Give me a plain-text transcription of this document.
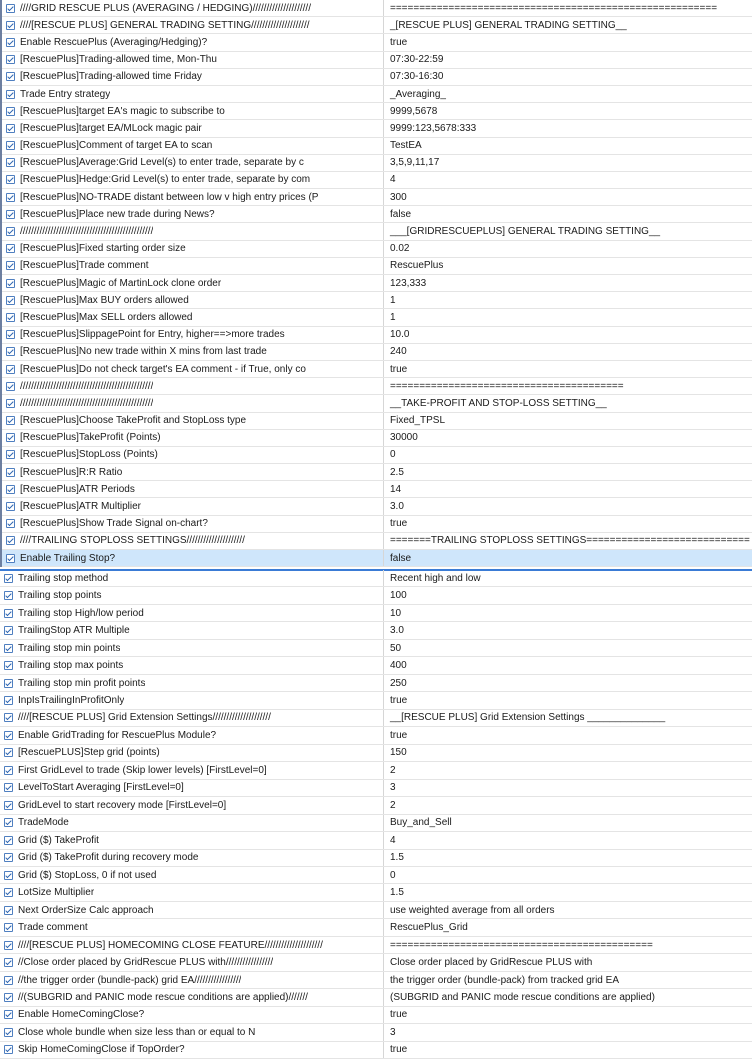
////GRID RESCUE PLUS (AVERAGING / HEDGING)/////////////////////	========================================================
////[RESCUE PLUS] GENERAL TRADING SETTING/////////////////////	_[RESCUE PLUS] GENERAL TRADING SETTING__
Enable RescuePlus (Averaging/Hedging)?	true
[RescuePlus]Trading-allowed time, Mon-Thu	07:30-22:59
[RescuePlus]Trading-allowed time Friday	07:30-16:30
Trade Entry strategy	_Averaging_
[RescuePlus]target EA's magic to subscribe to	9999,5678
[RescuePlus]target EA/MLock magic pair	9999:123,5678:333
[RescuePlus]Comment of target EA to scan	TestEA
[RescuePlus]Average:Grid Level(s) to enter trade, separate by c	3,5,9,11,17
[RescuePlus]Hedge:Grid Level(s) to enter trade, separate by com	4
[RescuePlus]NO-TRADE distant between low v high entry prices (P	300
[RescuePlus]Place new trade during News?	false
////////////////////////////////////////////////	___[GRIDRESCUEPLUS] GENERAL TRADING SETTING__
[RescuePlus]Fixed starting order size	0.02
[RescuePlus]Trade comment	RescuePlus
[RescuePlus]Magic of MartinLock clone order	123,333
[RescuePlus]Max BUY orders allowed	1
[RescuePlus]Max SELL orders allowed	1
[RescuePlus]SlippagePoint for Entry, higher==>more trades	10.0
[RescuePlus]No new trade within X mins from last trade	240
[RescuePlus]Do not check target's EA comment - if True, only co	true
////////////////////////////////////////////////	========================================
////////////////////////////////////////////////	__TAKE-PROFIT AND STOP-LOSS SETTING__
[RescuePlus]Choose TakeProfit and StopLoss type	Fixed_TPSL
[RescuePlus]TakeProfit (Points)	30000
[RescuePlus]StopLoss (Points)	0
[RescuePlus]R:R Ratio	2.5
[RescuePlus]ATR Periods	14
[RescuePlus]ATR Multiplier	3.0
[RescuePlus]Show Trade Signal on-chart?	true
////TRAILING STOPLOSS SETTINGS/////////////////////	=======TRAILING STOPLOSS SETTINGS============================
Enable Trailing Stop?	false
Trailing stop method	Recent high and low
Trailing stop points	100
Trailing stop High/low period	10
TrailingStop ATR Multiple	3.0
Trailing stop min points	50
Trailing stop max points	400
Trailing stop min profit points	250
InpIsTrailingInProfitOnly	true
////[RESCUE PLUS] Grid Extension Settings/////////////////////	__[RESCUE PLUS] Grid Extension Settings ______________
Enable GridTrading for RescuePlus Module?	true
[RescuePLUS]Step grid (points)	150
First GridLevel to trade (Skip lower levels) [FirstLevel=0]	2
LevelToStart Averaging [FirstLevel=0]	3
GridLevel to start recovery mode [FirstLevel=0]	2
TradeMode	Buy_and_Sell
Grid ($) TakeProfit	4
Grid ($) TakeProfit during recovery mode	1.5
Grid ($) StopLoss, 0 if not used	0
LotSize Multiplier	1.5
Next OrderSize Calc approach	use weighted average from all orders
Trade comment	RescuePlus_Grid
////[RESCUE PLUS] HOMECOMING CLOSE FEATURE/////////////////////	=============================================
//Close order placed by GridRescue PLUS with/////////////////	Close order placed by GridRescue PLUS with
//the trigger order (bundle-pack) grid EA/////////////////	the trigger order (bundle-pack) from tracked grid EA
//(SUBGRID and PANIC mode rescue conditions are applied)///////	(SUBGRID and PANIC mode rescue conditions are applied)
Enable HomeComingClose?	true
Close whole bundle when size less than or equal to N	3
Skip HomeComingClose if TopOrder?	true
